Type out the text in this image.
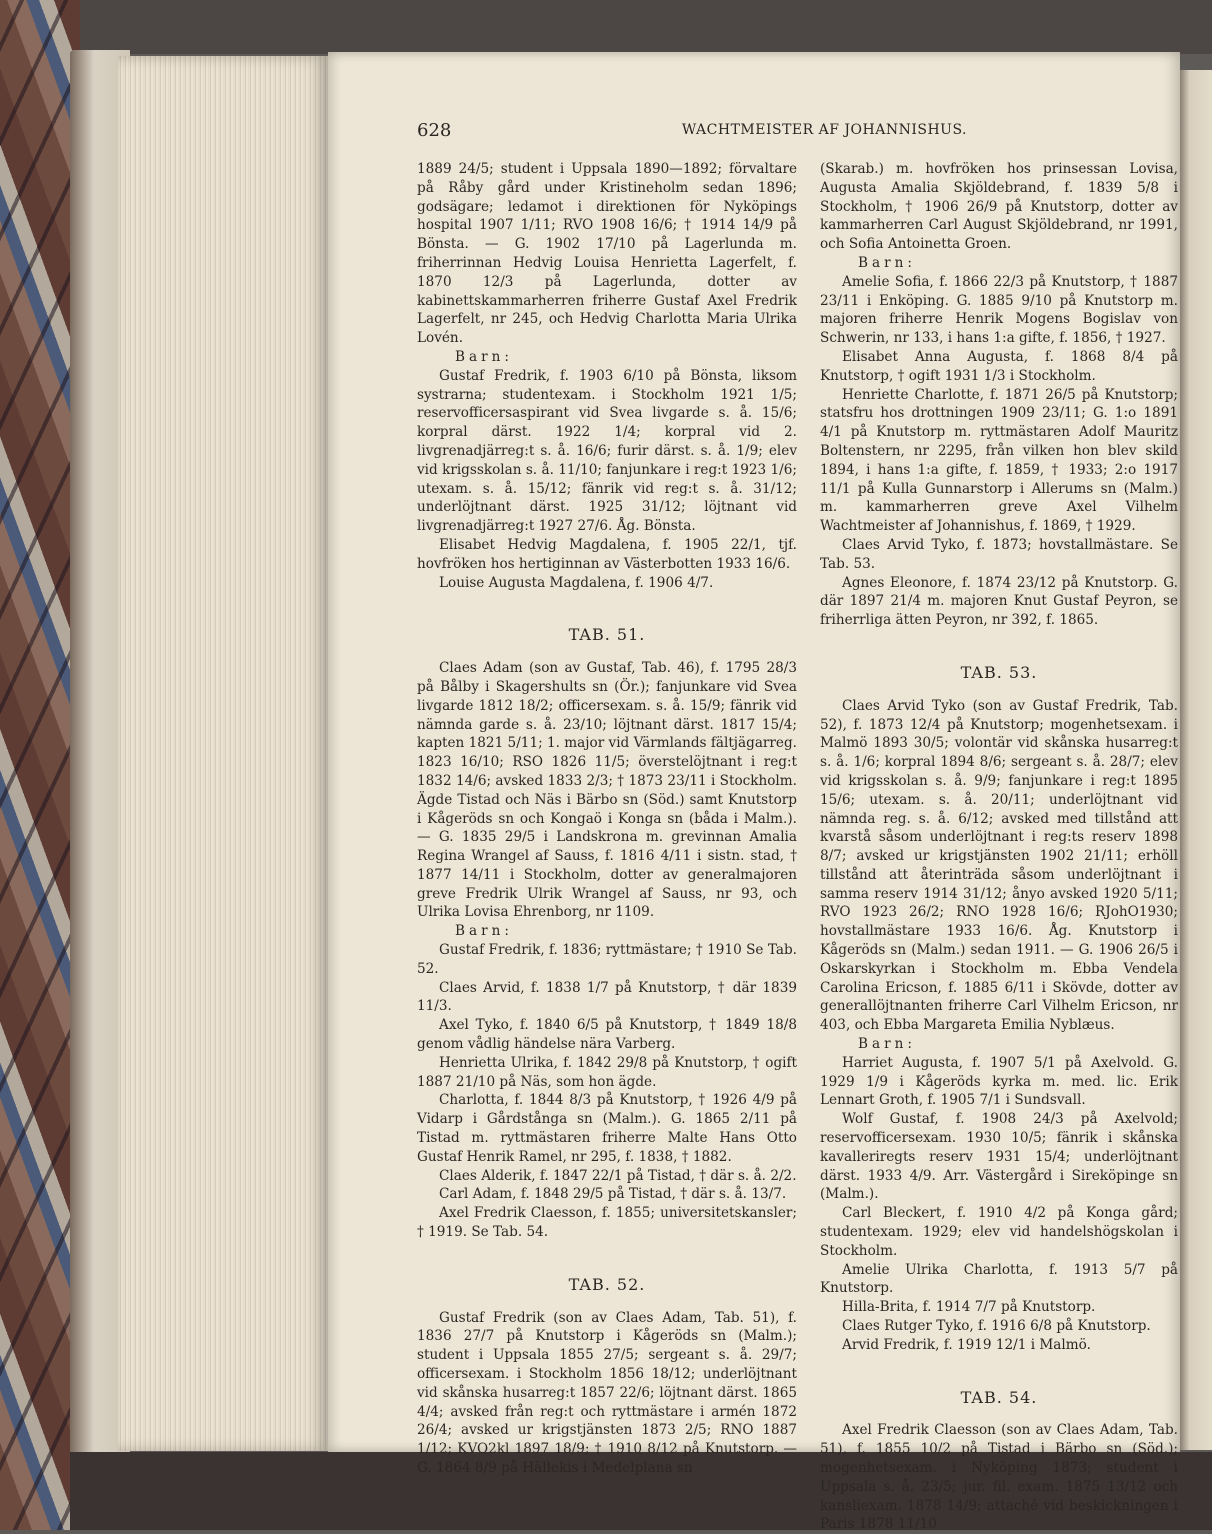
628	WACHTMEISTER AF JOHANNISHUS.

1889 24/5; student i Uppsala 1890—1892; förvaltare på Råby gård under Kristineholm sedan 1896; godsägare; ledamot i direktionen för Nyköpings hospital 1907 1/11; RVO 1908 16/6; † 1914 14/9 på Bönsta. — G. 1902 17/10 på Lagerlunda m. friherrinnan Hedvig Louisa Henrietta Lagerfelt, f. 1870 12/3 på Lagerlunda, dotter av kabinettskammarherren friherre Gustaf Axel Fredrik Lagerfelt, nr 245, och Hedvig Charlotta Maria Ulrika Lovén.

Barn:

Gustaf Fredrik, f. 1903 6/10 på Bönsta, liksom systrarna; studentexam. i Stockholm 1921 1/5; reservofficersaspirant vid Svea livgarde s. å. 15/6; korpral därst. 1922 1/4; korpral vid 2. livgrenadjärreg:t s. å. 16/6; furir därst. s. å. 1/9; elev vid krigsskolan s. å. 11/10; fanjunkare i reg:t 1923 1/6; utexam. s. å. 15/12; fänrik vid reg:t s. å. 31/12; underlöjtnant därst. 1925 31/12; löjtnant vid livgrenadjärreg:t 1927 27/6. Åg. Bönsta.

Elisabet Hedvig Magdalena, f. 1905 22/1, tjf. hovfröken hos hertiginnan av Västerbotten 1933 16/6.

Louise Augusta Magdalena, f. 1906 4/7.

TAB. 51.

Claes Adam (son av Gustaf, Tab. 46), f. 1795 28/3 på Bålby i Skagershults sn (Ör.); fanjunkare vid Svea livgarde 1812 18/2; officersexam. s. å. 15/9; fänrik vid nämnda garde s. å. 23/10; löjtnant därst. 1817 15/4; kapten 1821 5/11; 1. major vid Värmlands fältjägarreg. 1823 16/10; RSO 1826 11/5; överstelöjtnant i reg:t 1832 14/6; avsked 1833 2/3; † 1873 23/11 i Stockholm. Ägde Tistad och Näs i Bärbo sn (Söd.) samt Knutstorp i Kågeröds sn och Kongaö i Konga sn (båda i Malm.). — G. 1835 29/5 i Landskrona m. grevinnan Amalia Regina Wrangel af Sauss, f. 1816 4/11 i sistn. stad, † 1877 14/11 i Stockholm, dotter av generalmajoren greve Fredrik Ulrik Wrangel af Sauss, nr 93, och Ulrika Lovisa Ehrenborg, nr 1109.

Barn:

Gustaf Fredrik, f. 1836; ryttmästare; † 1910 Se Tab. 52.

Claes Arvid, f. 1838 1/7 på Knutstorp, † där 1839 11/3.

Axel Tyko, f. 1840 6/5 på Knutstorp, † 1849 18/8 genom vådlig händelse nära Varberg.

Henrietta Ulrika, f. 1842 29/8 på Knutstorp, † ogift 1887 21/10 på Näs, som hon ägde.

Charlotta, f. 1844 8/3 på Knutstorp, † 1926 4/9 på Vidarp i Gårdstånga sn (Malm.). G. 1865 2/11 på Tistad m. ryttmästaren friherre Malte Hans Otto Gustaf Henrik Ramel, nr 295, f. 1838, † 1882.

Claes Alderik, f. 1847 22/1 på Tistad, † där s. å. 2/2.

Carl Adam, f. 1848 29/5 på Tistad, † där s. å. 13/7.

Axel Fredrik Claesson, f. 1855; universitetskansler; † 1919. Se Tab. 54.

TAB. 52.

Gustaf Fredrik (son av Claes Adam, Tab. 51), f. 1836 27/7 på Knutstorp i Kågeröds sn (Malm.); student i Uppsala 1855 27/5; sergeant s. å. 29/7; officersexam. i Stockholm 1856 18/12; underlöjtnant vid skånska husarreg:t 1857 22/6; löjtnant därst. 1865 4/4; avsked från reg:t och ryttmästare i armén 1872 26/4; avsked ur krigstjänsten 1873 2/5; RNO 1887 1/12; KVO2kl 1897 18/9; † 1910 8/12 på Knutstorp. — G. 1864 8/9 på Hällekis i Medelplana sn

(Skarab.) m. hovfröken hos prinsessan Lovisa, Augusta Amalia Skjöldebrand, f. 1839 5/8 i Stockholm, † 1906 26/9 på Knutstorp, dotter av kammarherren Carl August Skjöldebrand, nr 1991, och Sofia Antoinetta Groen.

Barn:

Amelie Sofia, f. 1866 22/3 på Knutstorp, † 1887 23/11 i Enköping. G. 1885 9/10 på Knutstorp m. majoren friherre Henrik Mogens Bogislav von Schwerin, nr 133, i hans 1:a gifte, f. 1856, † 1927.

Elisabet Anna Augusta, f. 1868 8/4 på Knutstorp, † ogift 1931 1/3 i Stockholm.

Henriette Charlotte, f. 1871 26/5 på Knutstorp; statsfru hos drottningen 1909 23/11; G. 1:o 1891 4/1 på Knutstorp m. ryttmästaren Adolf Mauritz Boltenstern, nr 2295, från vilken hon blev skild 1894, i hans 1:a gifte, f. 1859, † 1933; 2:o 1917 11/1 på Kulla Gunnarstorp i Allerums sn (Malm.) m. kammarherren greve Axel Vilhelm Wachtmeister af Johannishus, f. 1869, † 1929.

Claes Arvid Tyko, f. 1873; hovstallmästare. Se Tab. 53.

Agnes Eleonore, f. 1874 23/12 på Knutstorp. G. där 1897 21/4 m. majoren Knut Gustaf Peyron, se friherrliga ätten Peyron, nr 392, f. 1865.

TAB. 53.

Claes Arvid Tyko (son av Gustaf Fredrik, Tab. 52), f. 1873 12/4 på Knutstorp; mogenhetsexam. i Malmö 1893 30/5; volontär vid skånska husarreg:t s. å. 1/6; korpral 1894 8/6; sergeant s. å. 28/7; elev vid krigsskolan s. å. 9/9; fanjunkare i reg:t 1895 15/6; utexam. s. å. 20/11; underlöjtnant vid nämnda reg. s. å. 6/12; avsked med tillstånd att kvarstå såsom underlöjtnant i reg:ts reserv 1898 8/7; avsked ur krigstjänsten 1902 21/11; erhöll tillstånd att återinträda såsom underlöjtnant i samma reserv 1914 31/12; ånyo avsked 1920 5/11; RVO 1923 26/2; RNO 1928 16/6; RJohO1930; hovstallmästare 1933 16/6. Åg. Knutstorp i Kågeröds sn (Malm.) sedan 1911. — G. 1906 26/5 i Oskarskyrkan i Stockholm m. Ebba Vendela Carolina Ericson, f. 1885 6/11 i Skövde, dotter av generallöjtnanten friherre Carl Vilhelm Ericson, nr 403, och Ebba Margareta Emilia Nyblæus.

Barn:

Harriet Augusta, f. 1907 5/1 på Axelvold. G. 1929 1/9 i Kågeröds kyrka m. med. lic. Erik Lennart Groth, f. 1905 7/1 i Sundsvall.

Wolf Gustaf, f. 1908 24/3 på Axelvold; reservofficersexam. 1930 10/5; fänrik i skånska kavalleriregts reserv 1931 15/4; underlöjtnant därst. 1933 4/9. Arr. Västergård i Sireköpinge sn (Malm.).

Carl Bleckert, f. 1910 4/2 på Konga gård; studentexam. 1929; elev vid handelshögskolan i Stockholm.

Amelie Ulrika Charlotta, f. 1913 5/7 på Knutstorp.

Hilla-Brita, f. 1914 7/7 på Knutstorp.

Claes Rutger Tyko, f. 1916 6/8 på Knutstorp.

Arvid Fredrik, f. 1919 12/1 i Malmö.

TAB. 54.

Axel Fredrik Claesson (son av Claes Adam, Tab. 51), f. 1855 10/2 på Tistad i Bärbo sn (Söd.); mogenhetsexam. i Nyköping 1873; student i Uppsala s. å. 23/5; jur. fil. exam. 1875 13/12 och kansliexam. 1878 14/9; attaché vid beskickningen i Paris 1878 11/10
